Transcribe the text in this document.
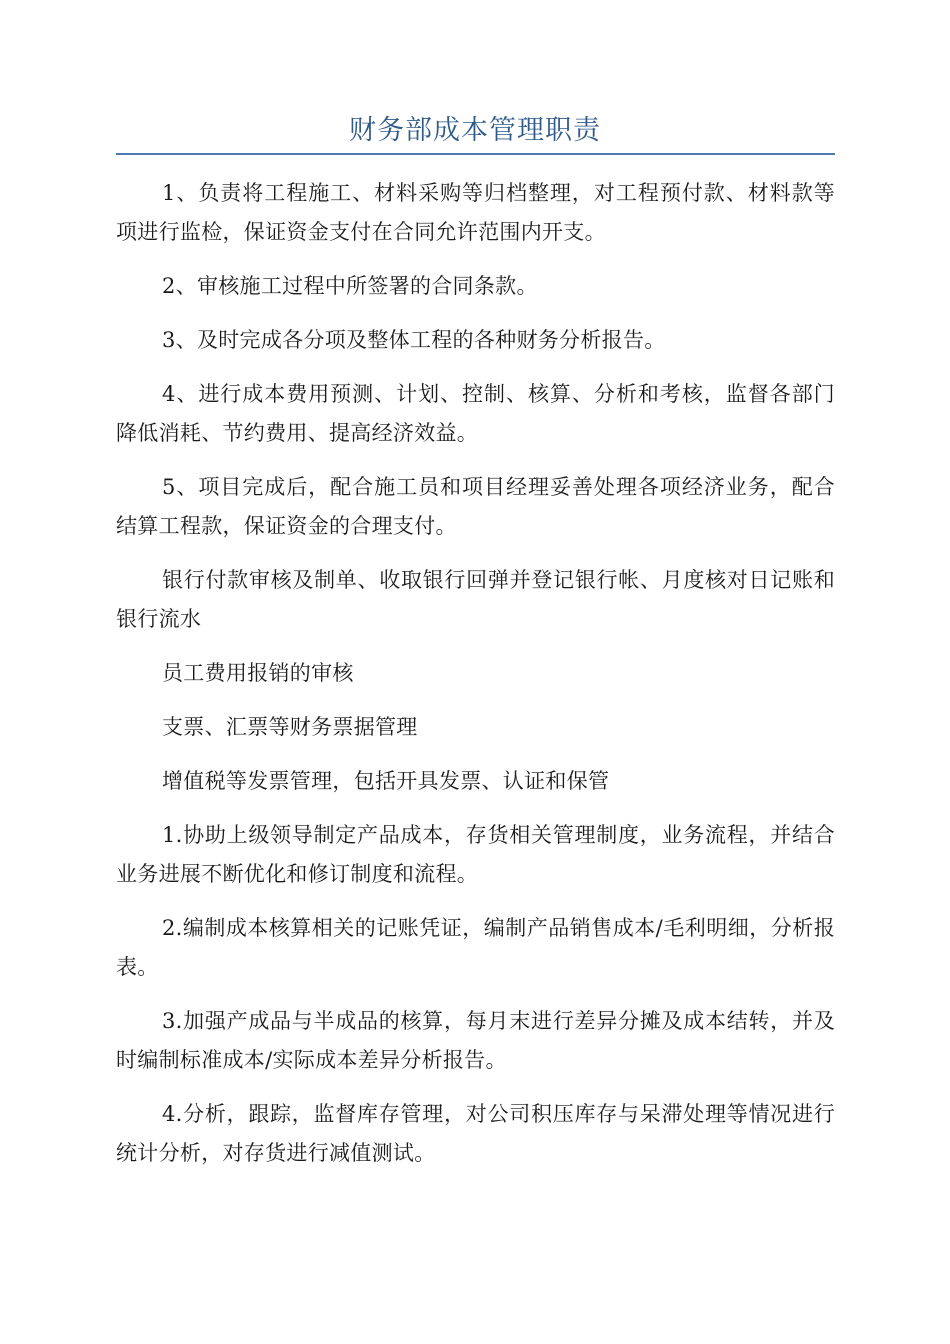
财务部成本管理职责

1、负责将工程施工、材料采购等归档整理，对工程预付款、材料款等项进行监检，保证资金支付在合同允许范围内开支。

2、审核施工过程中所签署的合同条款。

3、及时完成各分项及整体工程的各种财务分析报告。

4、进行成本费用预测、计划、控制、核算、分析和考核，监督各部门降低消耗、节约费用、提高经济效益。

5、项目完成后，配合施工员和项目经理妥善处理各项经济业务，配合结算工程款，保证资金的合理支付。

银行付款审核及制单、收取银行回弹并登记银行帐、月度核对日记账和银行流水

员工费用报销的审核

支票、汇票等财务票据管理

增值税等发票管理，包括开具发票、认证和保管

1.协助上级领导制定产品成本，存货相关管理制度，业务流程，并结合业务进展不断优化和修订制度和流程。

2.编制成本核算相关的记账凭证，编制产品销售成本/毛利明细，分析报表。

3.加强产成品与半成品的核算，每月末进行差异分摊及成本结转，并及时编制标准成本/实际成本差异分析报告。

4.分析，跟踪，监督库存管理，对公司积压库存与呆滞处理等情况进行统计分析，对存货进行减值测试。
